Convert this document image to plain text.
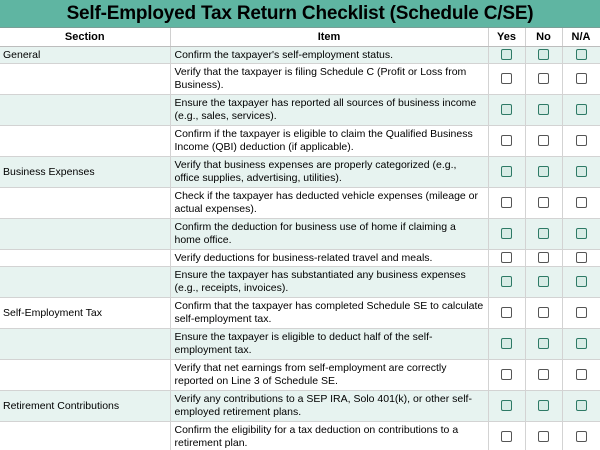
Self-Employed Tax Return Checklist (Schedule C/SE)
Section	Item	Yes	No	N/A
General	Confirm the taxpayer's self-employment status.			
	Verify that the taxpayer is filing Schedule C (Profit or Loss from Business).			
	Ensure the taxpayer has reported all sources of business income (e.g., sales, services).			
	Confirm if the taxpayer is eligible to claim the Qualified Business Income (QBI) deduction (if applicable).			
Business Expenses	Verify that business expenses are properly categorized (e.g., office supplies, advertising, utilities).			
	Check if the taxpayer has deducted vehicle expenses (mileage or actual expenses).			
	Confirm the deduction for business use of home if claiming a home office.			
	Verify deductions for business-related travel and meals.			
	Ensure the taxpayer has substantiated any business expenses (e.g., receipts, invoices).			
Self-Employment Tax	Confirm that the taxpayer has completed Schedule SE to calculate self-employment tax.			
	Ensure the taxpayer is eligible to deduct half of the self-employment tax.			
	Verify that net earnings from self-employment are correctly reported on Line 3 of Schedule SE.			
Retirement Contributions	Verify any contributions to a SEP IRA, Solo 401(k), or other self-employed retirement plans.			
	Confirm the eligibility for a tax deduction on contributions to a retirement plan.			
